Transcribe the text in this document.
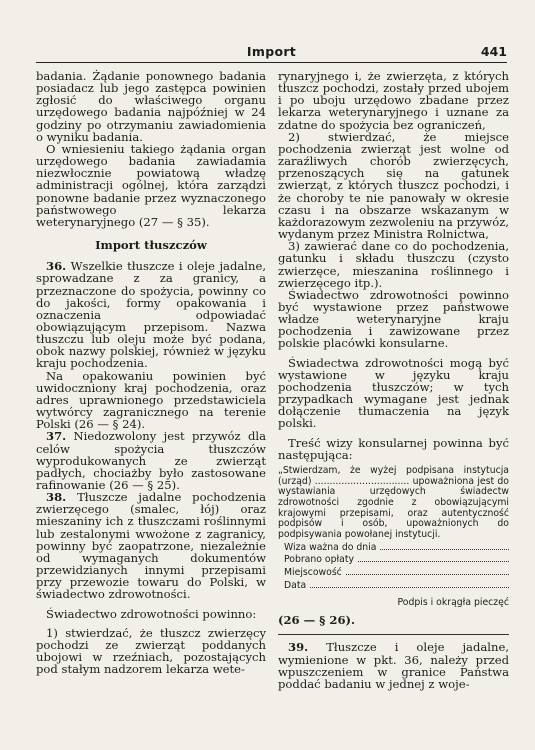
Import	441

badania. Żądanie ponownego badania posiadacz lub jego zastępca powinien zgłosić do właściwego organu urzędowego badania najpóźniej w 24 godziny po otrzymaniu zawiadomienia o wyniku badania.

O wniesieniu takiego żądania organ urzędowego badania zawiadamia niezwłocznie powiatową władzę administracji ogólnej, która zarządzi ponowne badanie przez wyznaczonego państwowego lekarza weterynaryjnego (27 — § 35).

Import tłuszczów

36. Wszelkie tłuszcze i oleje jadalne, sprowadzane z za granicy, a przeznaczone do spożycia, powinny co do jakości, formy opakowania i oznaczenia odpowiadać obowiązującym przepisom. Nazwa tłuszczu lub oleju może być podana, obok nazwy polskiej, również w języku kraju pochodzenia.

Na opakowaniu powinien być uwidoczniony kraj pochodzenia, oraz adres uprawnionego przedstawiciela wytwórcy zagranicznego na terenie Polski (26 — § 24).

37. Niedozwolony jest przywóz dla celów spożycia tłuszczów wyprodukowanych ze zwierząt padłych, chociażby było zastosowane rafinowanie (26 — § 25).

38. Tłuszcze jadalne pochodzenia zwierzęcego (smalec, łój) oraz mieszaniny ich z tłuszczami roślinnymi lub zestalonymi wwożone z zagranicy, powinny być zaopatrzone, niezależnie od wymaganych dokumentów przewidzianych innymi przepisami przy przewozie towaru do Polski, w świadectwo zdrowotności.

Świadectwo zdrowotności powinno:

1) stwierdzać, że tłuszcz zwierzęcy pochodzi ze zwierząt poddanych ubojowi w rzeźniach, pozostających pod stałym nadzorem lekarza wete-

rynaryjnego i, że zwierzęta, z których tłuszcz pochodzi, zostały przed ubojem i po uboju urzędowo zbadane przez lekarza weterynaryjnego i uznane za zdatne do spożycia bez ograniczeń,

2) stwierdzać, że miejsce pochodzenia zwierząt jest wolne od zaraźliwych chorób zwierzęcych, przenoszących się na gatunek zwierząt, z których tłuszcz pochodzi, i że choroby te nie panowały w okresie czasu i na obszarze wskazanym w każdorazowym zezwoleniu na przywóz, wydanym przez Ministra Rolnictwa,

3) zawierać dane co do pochodzenia, gatunku i składu tłuszczu (czysto zwierzęce, mieszanina roślinnego i zwierzęcego itp.).

Świadectwo zdrowotności powinno być wystawione przez państwowe władze weterynaryjne kraju pochodzenia i zawizowane przez polskie placówki konsularne.

Świadectwa zdrowotności mogą być wystawione w języku kraju pochodzenia tłuszczów; w tych przypadkach wymagane jest jednak dołączenie tłumaczenia na język polski.

Treść wizy konsularnej powinna być następująca:

„Stwierdzam, że wyżej podpisana instytucja (urząd) ................................ upoważniona jest do wystawiania urzędowych świadectw zdrowotności zgodnie z obowiązującymi krajowymi przepisami, oraz autentyczność podpisów i osób, upoważnionych do podpisywania powołanej instytucji.

Wiza ważna do dnia
Pobrano opłaty
Miejscowość
Data
Podpis i okrągła pieczęć

(26 — § 26).

39. Tłuszcze i oleje jadalne, wymienione w pkt. 36, należy przed wpuszczeniem w granice Państwa poddać badaniu w jednej z woje-
